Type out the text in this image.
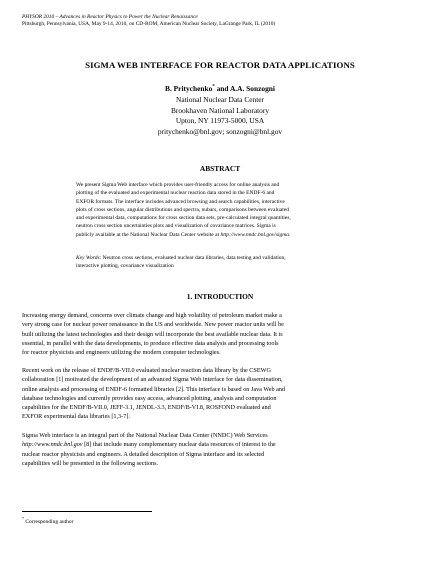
PHYSOR 2010 – Advances in Reactor Physics to Power the Nuclear Renaissance
Pittsburgh, Pennsylvania, USA, May 9-14, 2010, on CD-ROM, American Nuclear Society, LaGrange Park, IL (2010)
SIGMA WEB INTERFACE FOR REACTOR DATA APPLICATIONS
B. Pritychenko* and A.A. Sonzogni
National Nuclear Data Center
Brookhaven National Laboratory
Upton, NY 11973-5000, USA
pritychenko@bnl.gov; sonzogni@bnl.gov
ABSTRACT
We present Sigma Web interface which provides user-friendly access for online analysis and
plotting of the evaluated and experimental nuclear reaction data stored in the ENDF-6 and
EXFOR formats. The interface includes advanced browsing and search capabilities, interactive
plots of cross sections, angular distributions and spectra, nubars, comparisons between evaluated
and experimental data, computations for cross section data sets, pre-calculated integral quantities,
neutron cross section uncertainties plots and visualization of covariance matrices. Sigma is
publicly available at the National Nuclear Data Center website at http://www.nndc.bnl.gov/sigma.
Key Words: Neutron cross sections, evaluated nuclear data libraries, data testing and validation,
interactive plotting, covariance visualization
1. INTRODUCTION
Increasing energy demand, concerns over climate change and high volatility of petroleum market make a
very strong case for nuclear power renaissance in the US and worldwide. New power reactor units will be
built utilizing the latest technologies and their design will incorporate the best available nuclear data. It is
essential, in parallel with the data developments, to produce effective data analysis and processing tools
for reactor physicists and engineers utilizing the modern computer technologies.
Recent work on the release of ENDF/B-VII.0 evaluated nuclear reaction data library by the CSEWG
collaboration [1] motivated the development of an advanced Sigma Web interface for data dissemination,
online analysis and processing of ENDF-6 formatted libraries [2]. This interface is based on Java Web and
database technologies and currently provides easy access, advanced plotting, analysis and computation
capabilities for the ENDF/B-VII.0, JEFF-3.1, JENDL-3.3, ENDF/B-VI.8, ROSFOND evaluated and
EXFOR experimental data libraries [1,3-7].
Sigma Web interface is an integral part of the National Nuclear Data Center (NNDC) Web Services
http://www.nndc.bnl.gov [8] that include many complementary nuclear data resources of interest to the
nuclear reactor physicists and engineers. A detailed description of Sigma interface and its selected
capabilities will be presented in the following sections.
* Corresponding author
